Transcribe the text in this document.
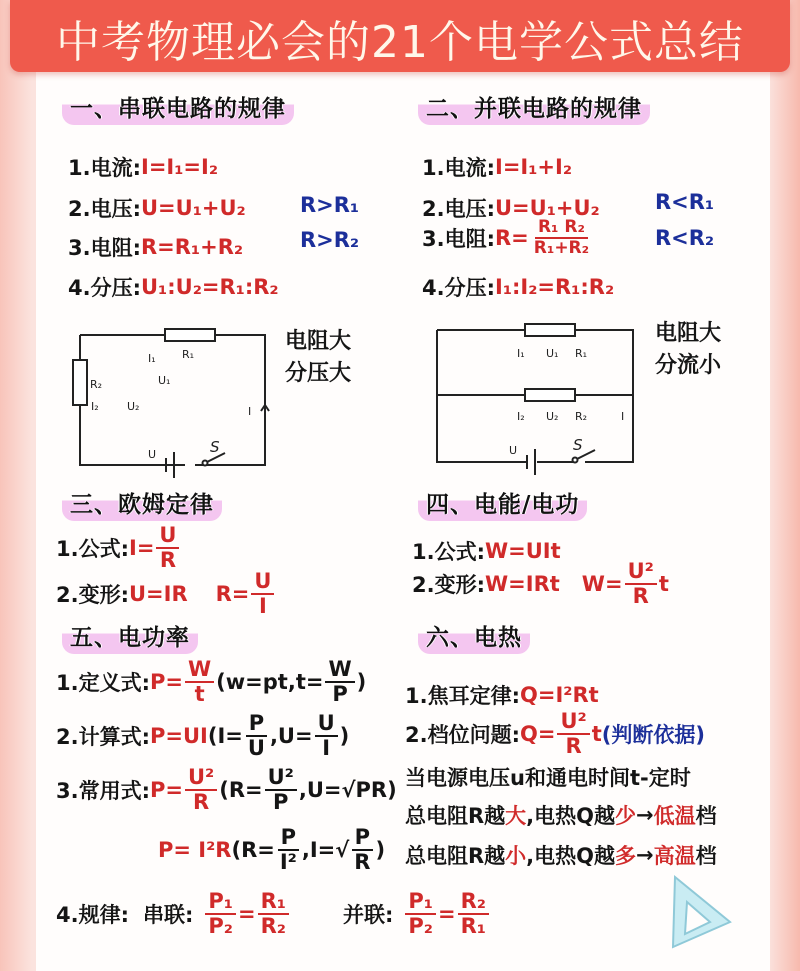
中考物理必会的21个电学公式总结
一、串联电路的规律
1.电流: I=I₁=I₂
2.电压: U=U₁+U₂	R>R₁
3.电阻: R=R₁+R₂	R>R₂
4.分压: U₁:U₂=R₁:R₂
I₁ R₁
U₁
R₂
I₂	U₂	I
U	S
电阻大
分压大
二、并联电路的规律
1.电流: I=I₁+I₂
2.电压: U=U₁+U₂	R<R₁
3.电阻: $R= \frac{\text{R₁ R₂}}{\text{R₁+R₂}}$	R<R₂
4.分压: I₁:I₂=R₁:R₂
I₁ U₁ R₁
I₂ U₂ R₂	I
U	S
电阻大
分流小
三、欧姆定律
1.公式: $I= \frac{U}{R}$
2.变形: U=IR $R= \frac{U}{I}$
四、电能/电功
1.公式: W=UIt
2.变形: W=IRt $W= \frac{\text{U²}}{R}$ t
五、电功率
1.定义式: $P= \frac{W}{t} (w=pt,t= \frac{W}{P}$ )
2.计算式: P=UI ($I= \frac{P}{U} ,U= \frac{U}{I}$ )
3.常用式: $P= \frac{\text{U²}}{R} (R= \frac{\text{U²}}{P} ,U=√PR)$
P= I²R ($R= \frac{P}{\text{I²}} ,I=√ \frac{P}{R}$ )
4.规律: 串联: $\frac{\text{P₁}}{\text{P₂}} = \frac{\text{R₁}}{\text{R₂}}$	并联: $\frac{\text{P₁}}{\text{P₂}} = \frac{\text{R₂}}{\text{R₁}}$
六、电热
1.焦耳定律: Q=I²Rt
2.档位问题: $Q= \frac{\text{U²}}{R}$ t (判断依据)
当电源电压u和通电时间t-定时
总电阻R越 大 ,电热Q越 少 → 低温 档
总电阻R越 小 ,电热Q越 多 → 高温 档
